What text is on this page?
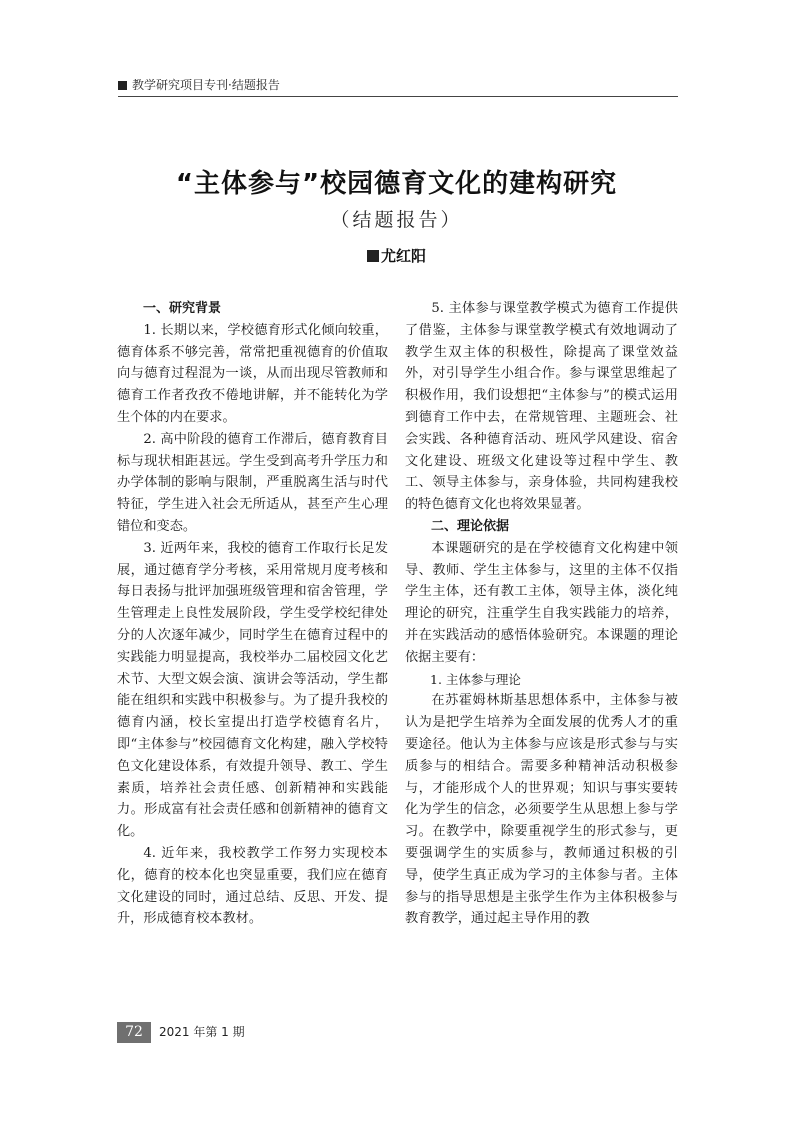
教学研究项目专刊·结题报告
“主体参与”校园德育文化的建构研究
（结题报告）
尤红阳
一、研究背景

1. 长期以来，学校德育形式化倾向较重，德育体系不够完善，常常把重视德育的价值取向与德育过程混为一谈，从而出现尽管教师和德育工作者孜孜不倦地讲解，并不能转化为学生个体的内在要求。

2. 高中阶段的德育工作滞后，德育教育目标与现状相距甚远。学生受到高考升学压力和办学体制的影响与限制，严重脱离生活与时代特征，学生进入社会无所适从，甚至产生心理错位和变态。

3. 近两年来，我校的德育工作取行长足发展，通过德育学分考核，采用常规月度考核和每日表扬与批评加强班级管理和宿舍管理，学生管理走上良性发展阶段，学生受学校纪律处分的人次逐年减少，同时学生在德育过程中的实践能力明显提高，我校举办二届校园文化艺术节、大型文娱会演、演讲会等活动，学生都能在组织和实践中积极参与。为了提升我校的德育内涵，校长室提出打造学校德育名片，即“主体参与”校园德育文化构建，融入学校特色文化建设体系，有效提升领导、教工、学生素质，培养社会责任感、创新精神和实践能力。形成富有社会责任感和创新精神的德育文化。

4. 近年来，我校教学工作努力实现校本化，德育的校本化也突显重要，我们应在德育文化建设的同时，通过总结、反思、开发、提升，形成德育校本教材。

5. 主体参与课堂教学模式为德育工作提供了借鉴，主体参与课堂教学模式有效地调动了教学生双主体的积极性，除提高了课堂效益外，对引导学生小组合作。参与课堂思维起了积极作用，我们设想把“主体参与”的模式运用到德育工作中去，在常规管理、主题班会、社会实践、各种德育活动、班风学风建设、宿舍文化建设、班级文化建设等过程中学生、教工、领导主体参与，亲身体验，共同构建我校的特色德育文化也将效果显著。

二、理论依据

本课题研究的是在学校德育文化构建中领导、教师、学生主体参与，这里的主体不仅指学生主体，还有教工主体，领导主体，淡化纯理论的研究，注重学生自我实践能力的培养，并在实践活动的感悟体验研究。本课题的理论依据主要有：

1. 主体参与理论

在苏霍姆林斯基思想体系中，主体参与被认为是把学生培养为全面发展的优秀人才的重要途径。他认为主体参与应该是形式参与与实质参与的相结合。需要多种精神活动积极参与，才能形成个人的世界观；知识与事实要转化为学生的信念，必须要学生从思想上参与学习。在教学中，除要重视学生的形式参与，更要强调学生的实质参与，教师通过积极的引导，使学生真正成为学习的主体参与者。主体参与的指导思想是主张学生作为主体积极参与教育教学，通过起主导作用的教

72	2021 年第 1 期
